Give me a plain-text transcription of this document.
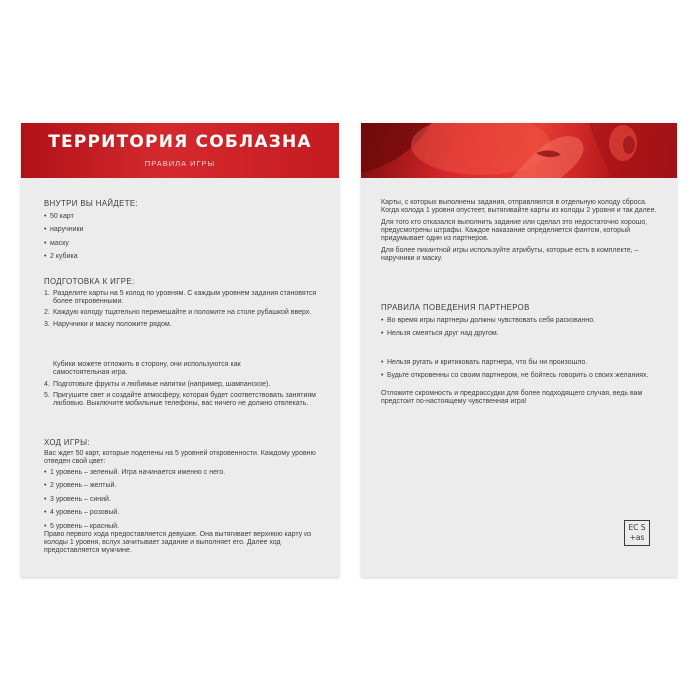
ТЕРРИТОРИЯ СОБЛАЗНА
ПРАВИЛА ИГРЫ
ВНУТРИ ВЫ НАЙДЕТЕ:
• 50 карт
• наручники
• маску
• 2 кубика
ПОДГОТОВКА К ИГРЕ:
1. Разделите карты на 5 колод по уровням. С каждым уровнем задания становятся более откровенными.
2. Каждую колоду тщательно перемешайте и положите на столе рубашкой вверх.
3. Наручники и маску положите рядом.
Кубики можете отложить в сторону, они используются как самостоятельная игра.
4. Подготовьте фрукты и любимые напитки (например, шампанское).
5. Пригушите свет и создайте атмосферу, которая будет соответствовать занятиям любовью. Выключите мобильные телефоны, вас ничего не должно отвлекать.
ХОД ИГРЫ:
Вас ждет 50 карт, которые поделены на 5 уровней откровенности. Каждому уровню отведен свой цвет:
• 1 уровень – зеленый. Игра начинается именно с него.
• 2 уровень – желтый.
• 3 уровень – синий.
• 4 уровень – розовый.
• 5 уровень – красный.
Право первого хода предоставляется девушке. Она вытягивает верхнюю карту из колоды 1 уровня, вслух зачитывает задание и выполняет его. Далее ход предоставляется мужчине.

Карты, с которых выполнены задания, отправляются в отдельную колоду сброса. Когда колода 1 уровня опустеет, вытягивайте карты из колоды 2 уровня и так далее.

Для того кто отказался выполнить задание или сделал это недостаточно хорошо, предусмотрены штрафы. Каждое наказание определяется фантом, который придумывает один из партнеров.

Для более пикантной игры используйте атрибуты, которые есть в комплекте, – наручники и маску.

ПРАВИЛА ПОВЕДЕНИЯ ПАРТНЕРОВ
• Во время игры партнеры должны чувствовать себя раскованно.
• Нельзя смеяться друг над другом.
• Нельзя ругать и критиковать партнера, что бы ни произошло.
• Будьте откровенны со своим партнером, не бойтесь говорить о своих желаниях.
Отложите скромность и предрассудки для более подходящего случая, ведь вам предстоит по-настоящему чувственная игра!
EC S
+as
